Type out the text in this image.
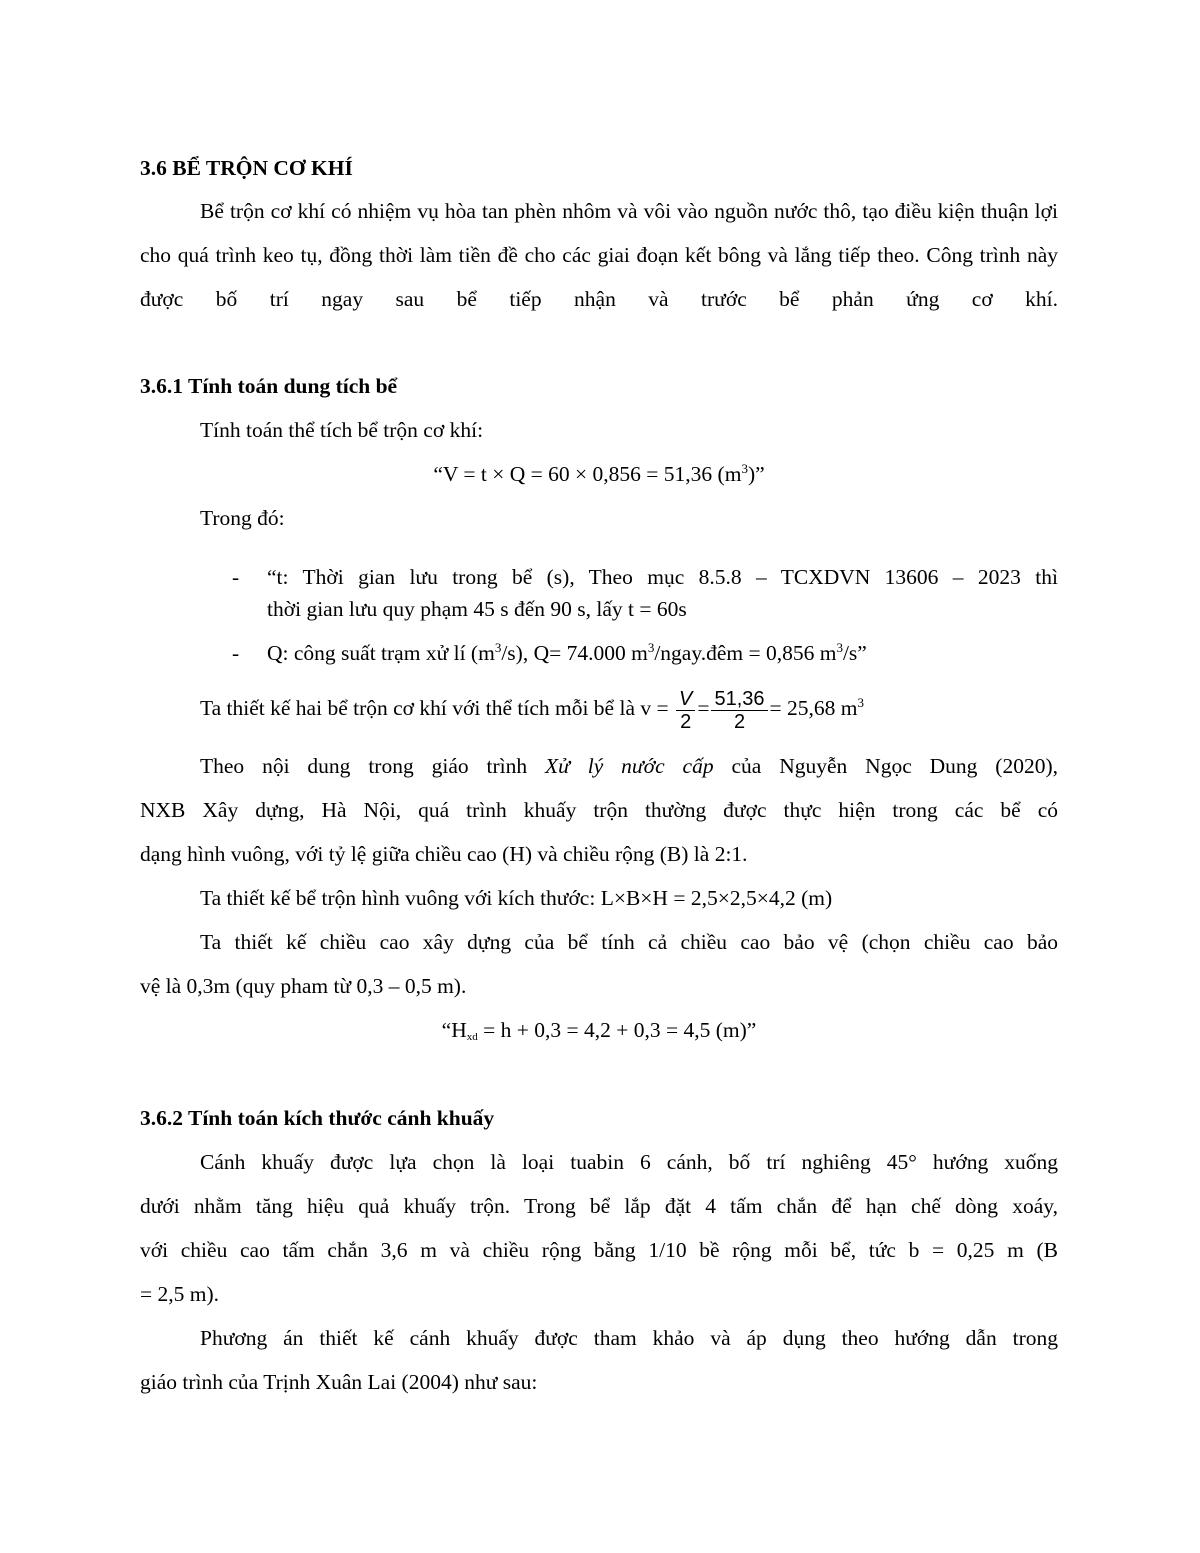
3.6 BỂ TRỘN CƠ KHÍ
Bể trộn cơ khí có nhiệm vụ hòa tan phèn nhôm và vôi vào nguồn nước thô, tạo điều kiện thuận lợi cho quá trình keo tụ, đồng thời làm tiền đề cho các giai đoạn kết bông và lắng tiếp theo. Công trình này được bố trí ngay sau bể tiếp nhận và trước bể phản ứng cơ khí.
3.6.1 Tính toán dung tích bể
Tính toán thể tích bể trộn cơ khí:
“V = t × Q = 60 × 0,856 = 51,36 $(m^3)$”
Trong đó:
- “t: Thời gian lưu trong bể (s), Theo mục 8.5.8 – TCXDVN 13606 – 2023 thì
thời gian lưu quy phạm 45 s đến 90 s, lấy t = 60s
- Q: công suất trạm xử lí $(m^3/s)$, Q= 74.000 $m^3/ngay.đêm = 0,856$ $m^3/s$”
Ta thiết kế hai bể trộn cơ khí với thể tích mỗi bể là $v = \frac{V}{2} = \frac{51,36}{2} = 25,68$ $m^3$
Theo nội dung trong giáo trình Xử lý nước cấp của Nguyễn Ngọc Dung (2020),
NXB Xây dựng, Hà Nội, quá trình khuấy trộn thường được thực hiện trong các bể có
dạng hình vuông, với tỷ lệ giữa chiều cao (H) và chiều rộng (B) là 2:1.
Ta thiết kế bể trộn hình vuông với kích thước: L×B×H = 2,5×2,5×4,2 (m)
Ta thiết kế chiều cao xây dựng của bể tính cả chiều cao bảo vệ (chọn chiều cao bảo
vệ là 0,3m (quy pham từ 0,3 – 0,5 m).
“$H_{xd} = h + 0,3 = 4,2 + 0,3 = 4,5$ (m)”
3.6.2 Tính toán kích thước cánh khuấy
Cánh khuấy được lựa chọn là loại tuabin 6 cánh, bố trí nghiêng 45° hướng xuống
dưới nhằm tăng hiệu quả khuấy trộn. Trong bể lắp đặt 4 tấm chắn để hạn chế dòng xoáy,
với chiều cao tấm chắn 3,6 m và chiều rộng bằng 1/10 bề rộng mỗi bể, tức b = 0,25 m (B
= 2,5 m).
Phương án thiết kế cánh khuấy được tham khảo và áp dụng theo hướng dẫn trong
giáo trình của Trịnh Xuân Lai (2004) như sau:
